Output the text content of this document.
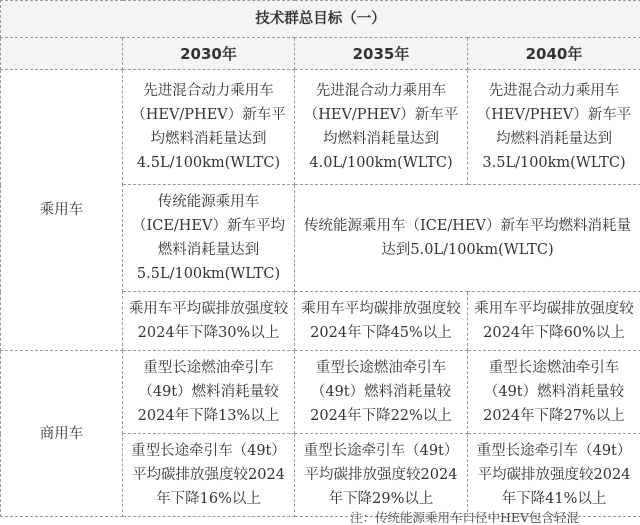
技术群总目标（一）			
	2030年	2035年	2040年
乘用车	先进混合动力乘用车（HEV/PHEV）新车平均燃料消耗量达到4.5L/100km(WLTC)	先进混合动力乘用车（HEV/PHEV）新车平均燃料消耗量达到4.0L/100km(WLTC)	先进混合动力乘用车（HEV/PHEV）新车平均燃料消耗量达到3.5L/100km(WLTC)
	传统能源乘用车（ICE/HEV）新车平均燃料消耗量达到5.5L/100km(WLTC)	传统能源乘用车（ICE/HEV）新车平均燃料消耗量达到5.0L/100km(WLTC)	
	乘用车平均碳排放强度较2024年下降30%以上	乘用车平均碳排放强度较2024年下降45%以上	乘用车平均碳排放强度较2024年下降60%以上
商用车	重型长途燃油牵引车（49t）燃料消耗量较2024年下降13%以上	重型长途燃油牵引车（49t）燃料消耗量较2024年下降22%以上	重型长途燃油牵引车（49t）燃料消耗量较2024年下降27%以上
	重型长途牵引车（49t）平均碳排放强度较2024年下降16%以上	重型长途牵引车（49t）平均碳排放强度较2024年下降29%以上	重型长途牵引车（49t）平均碳排放强度较2024年下降41%以上
注：传统能源乘用车口径中HEV包含轻混
